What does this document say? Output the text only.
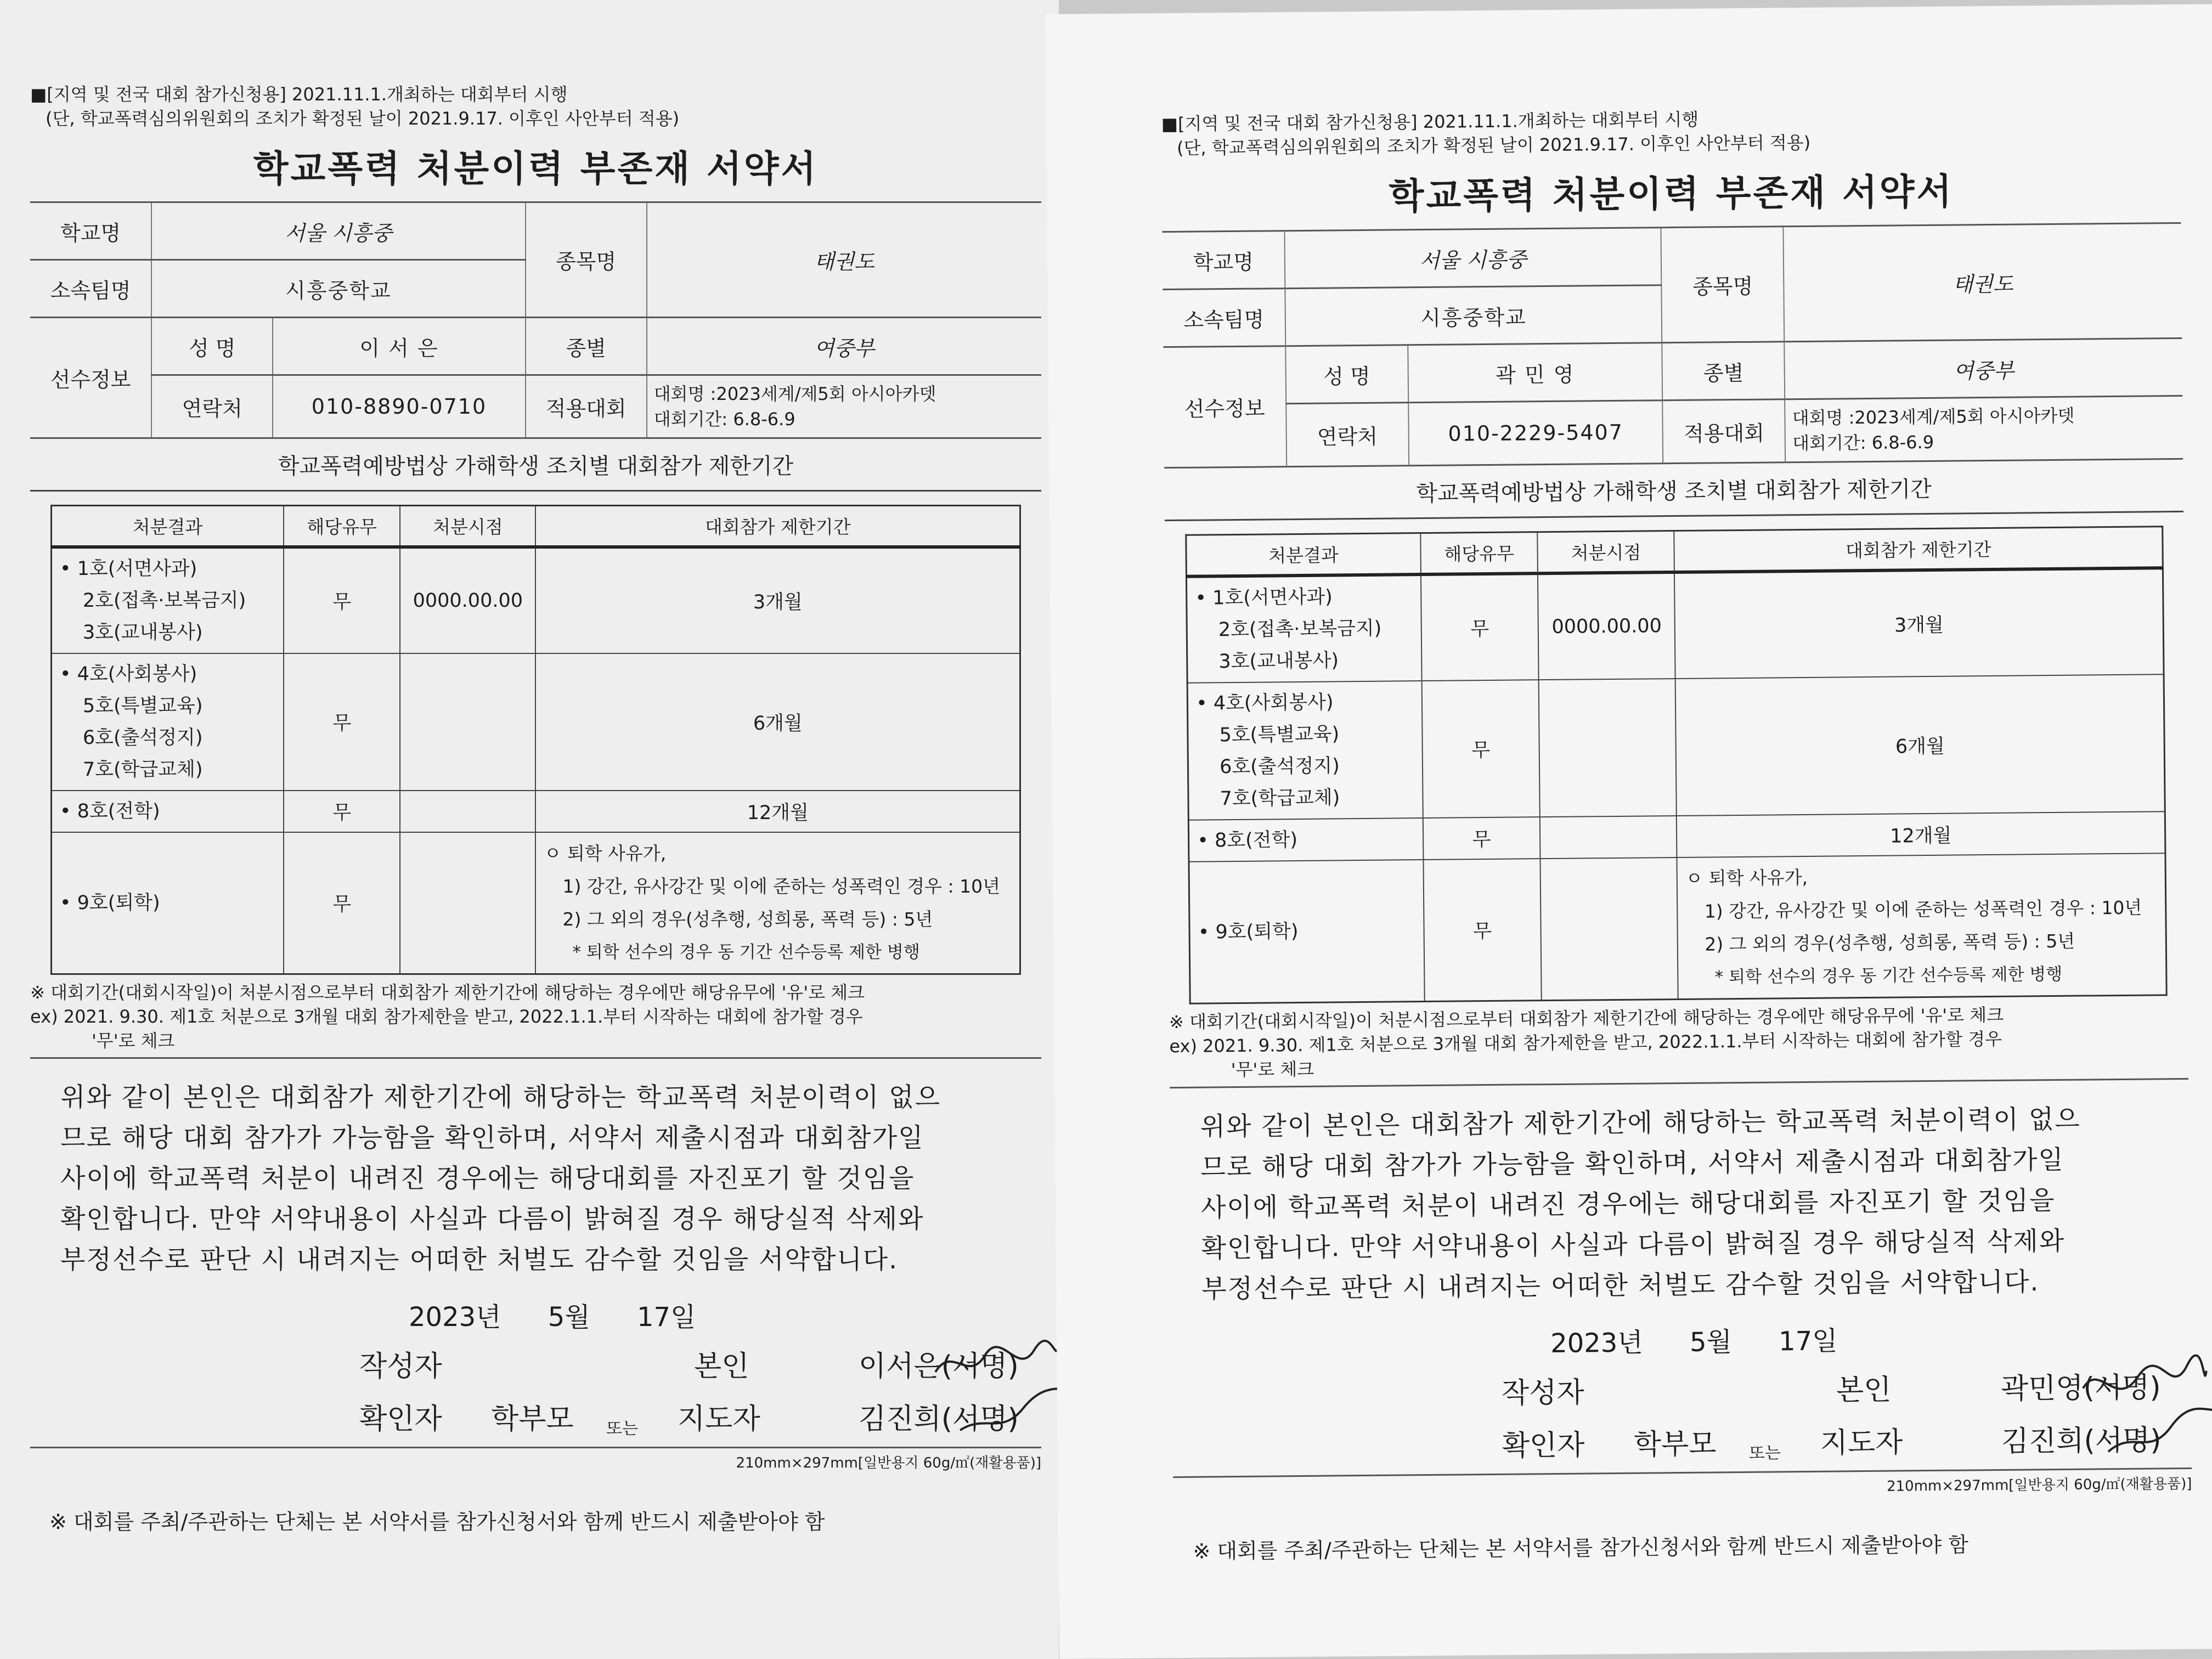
■[지역 및 전국 대회 참가신청용] 2021.11.1.개최하는 대회부터 시행
(단, 학교폭력심의위원회의 조치가 확정된 날이 2021.9.17. 이후인 사안부터 적용)
학교폭력 처분이력 부존재 서약서
학교명	서울 시흥중		종목명	태권도
소속팀명	시흥중학교			
선수정보	성 명	이 서 은	종별	여중부
	연락처	010-8890-0710	적용대회	대회명 :2023세계/제5회 아시아카뎃
대회기간: 6.8-6.9
학교폭력예방법상 가해학생 조치별 대회참가 제한기간
처분결과	해당유무	처분시점	대회참가 제한기간

• 1호(서면사과)
2호(접촉·보복금지)
3호(교내봉사)	무	0000.00.00	3개월

• 4호(사회봉사)
5호(특별교육)
6호(출석정지)
7호(학급교체)	무		6개월

• 8호(전학)	무		12개월

• 9호(퇴학)	무		ㅇ 퇴학 사유가,
1) 강간, 유사강간 및 이에 준하는 성폭력인 경우 : 10년
2) 그 외의 경우(성추행, 성희롱, 폭력 등) : 5년
* 퇴학 선수의 경우 동 기간 선수등록 제한 병행
※ 대회기간(대회시작일)이 처분시점으로부터 대회참가 제한기간에 해당하는 경우에만 해당유무에 '유'로 체크
ex) 2021. 9.30. 제1호 처분으로 3개월 대회 참가제한을 받고, 2022.1.1.부터 시작하는 대회에 참가할 경우
'무'로 체크
위와 같이 본인은 대회참가 제한기간에 해당하는 학교폭력 처분이력이 없으
므로 해당 대회 참가가 가능함을 확인하며, 서약서 제출시점과 대회참가일
사이에 학교폭력 처분이 내려진 경우에는 해당대회를 자진포기 할 것임을
확인합니다. 만약 서약내용이 사실과 다름이 밝혀질 경우 해당실적 삭제와
부정선수로 판단 시 내려지는 어떠한 처벌도 감수할 것임을 서약합니다.
2023년 5월 17일
작성자	본인	이서은(서명)
확인자 학부모 또는 지도자	김진희(서명)
210mm×297mm[일반용지 60g/㎡(재활용품)]
※ 대회를 주최/주관하는 단체는 본 서약서를 참가신청서와 함께 반드시 제출받아야 함
■[지역 및 전국 대회 참가신청용] 2021.11.1.개최하는 대회부터 시행
(단, 학교폭력심의위원회의 조치가 확정된 날이 2021.9.17. 이후인 사안부터 적용)
학교폭력 처분이력 부존재 서약서
학교명	서울 시흥중		종목명	태권도
소속팀명	시흥중학교			
선수정보	성 명	곽 민 영	종별	여중부
	연락처	010-2229-5407	적용대회	대회명 :2023세계/제5회 아시아카뎃
대회기간: 6.8-6.9
학교폭력예방법상 가해학생 조치별 대회참가 제한기간
처분결과	해당유무	처분시점	대회참가 제한기간

• 1호(서면사과)
2호(접촉·보복금지)
3호(교내봉사)	무	0000.00.00	3개월

• 4호(사회봉사)
5호(특별교육)
6호(출석정지)
7호(학급교체)	무		6개월

• 8호(전학)	무		12개월

• 9호(퇴학)	무		ㅇ 퇴학 사유가,
1) 강간, 유사강간 및 이에 준하는 성폭력인 경우 : 10년
2) 그 외의 경우(성추행, 성희롱, 폭력 등) : 5년
* 퇴학 선수의 경우 동 기간 선수등록 제한 병행
※ 대회기간(대회시작일)이 처분시점으로부터 대회참가 제한기간에 해당하는 경우에만 해당유무에 '유'로 체크
ex) 2021. 9.30. 제1호 처분으로 3개월 대회 참가제한을 받고, 2022.1.1.부터 시작하는 대회에 참가할 경우
'무'로 체크
위와 같이 본인은 대회참가 제한기간에 해당하는 학교폭력 처분이력이 없으
므로 해당 대회 참가가 가능함을 확인하며, 서약서 제출시점과 대회참가일
사이에 학교폭력 처분이 내려진 경우에는 해당대회를 자진포기 할 것임을
확인합니다. 만약 서약내용이 사실과 다름이 밝혀질 경우 해당실적 삭제와
부정선수로 판단 시 내려지는 어떠한 처벌도 감수할 것임을 서약합니다.
2023년 5월 17일
작성자	본인	곽민영(서명)
확인자 학부모 또는 지도자	김진희(서명)
210mm×297mm[일반용지 60g/㎡(재활용품)]
※ 대회를 주최/주관하는 단체는 본 서약서를 참가신청서와 함께 반드시 제출받아야 함
